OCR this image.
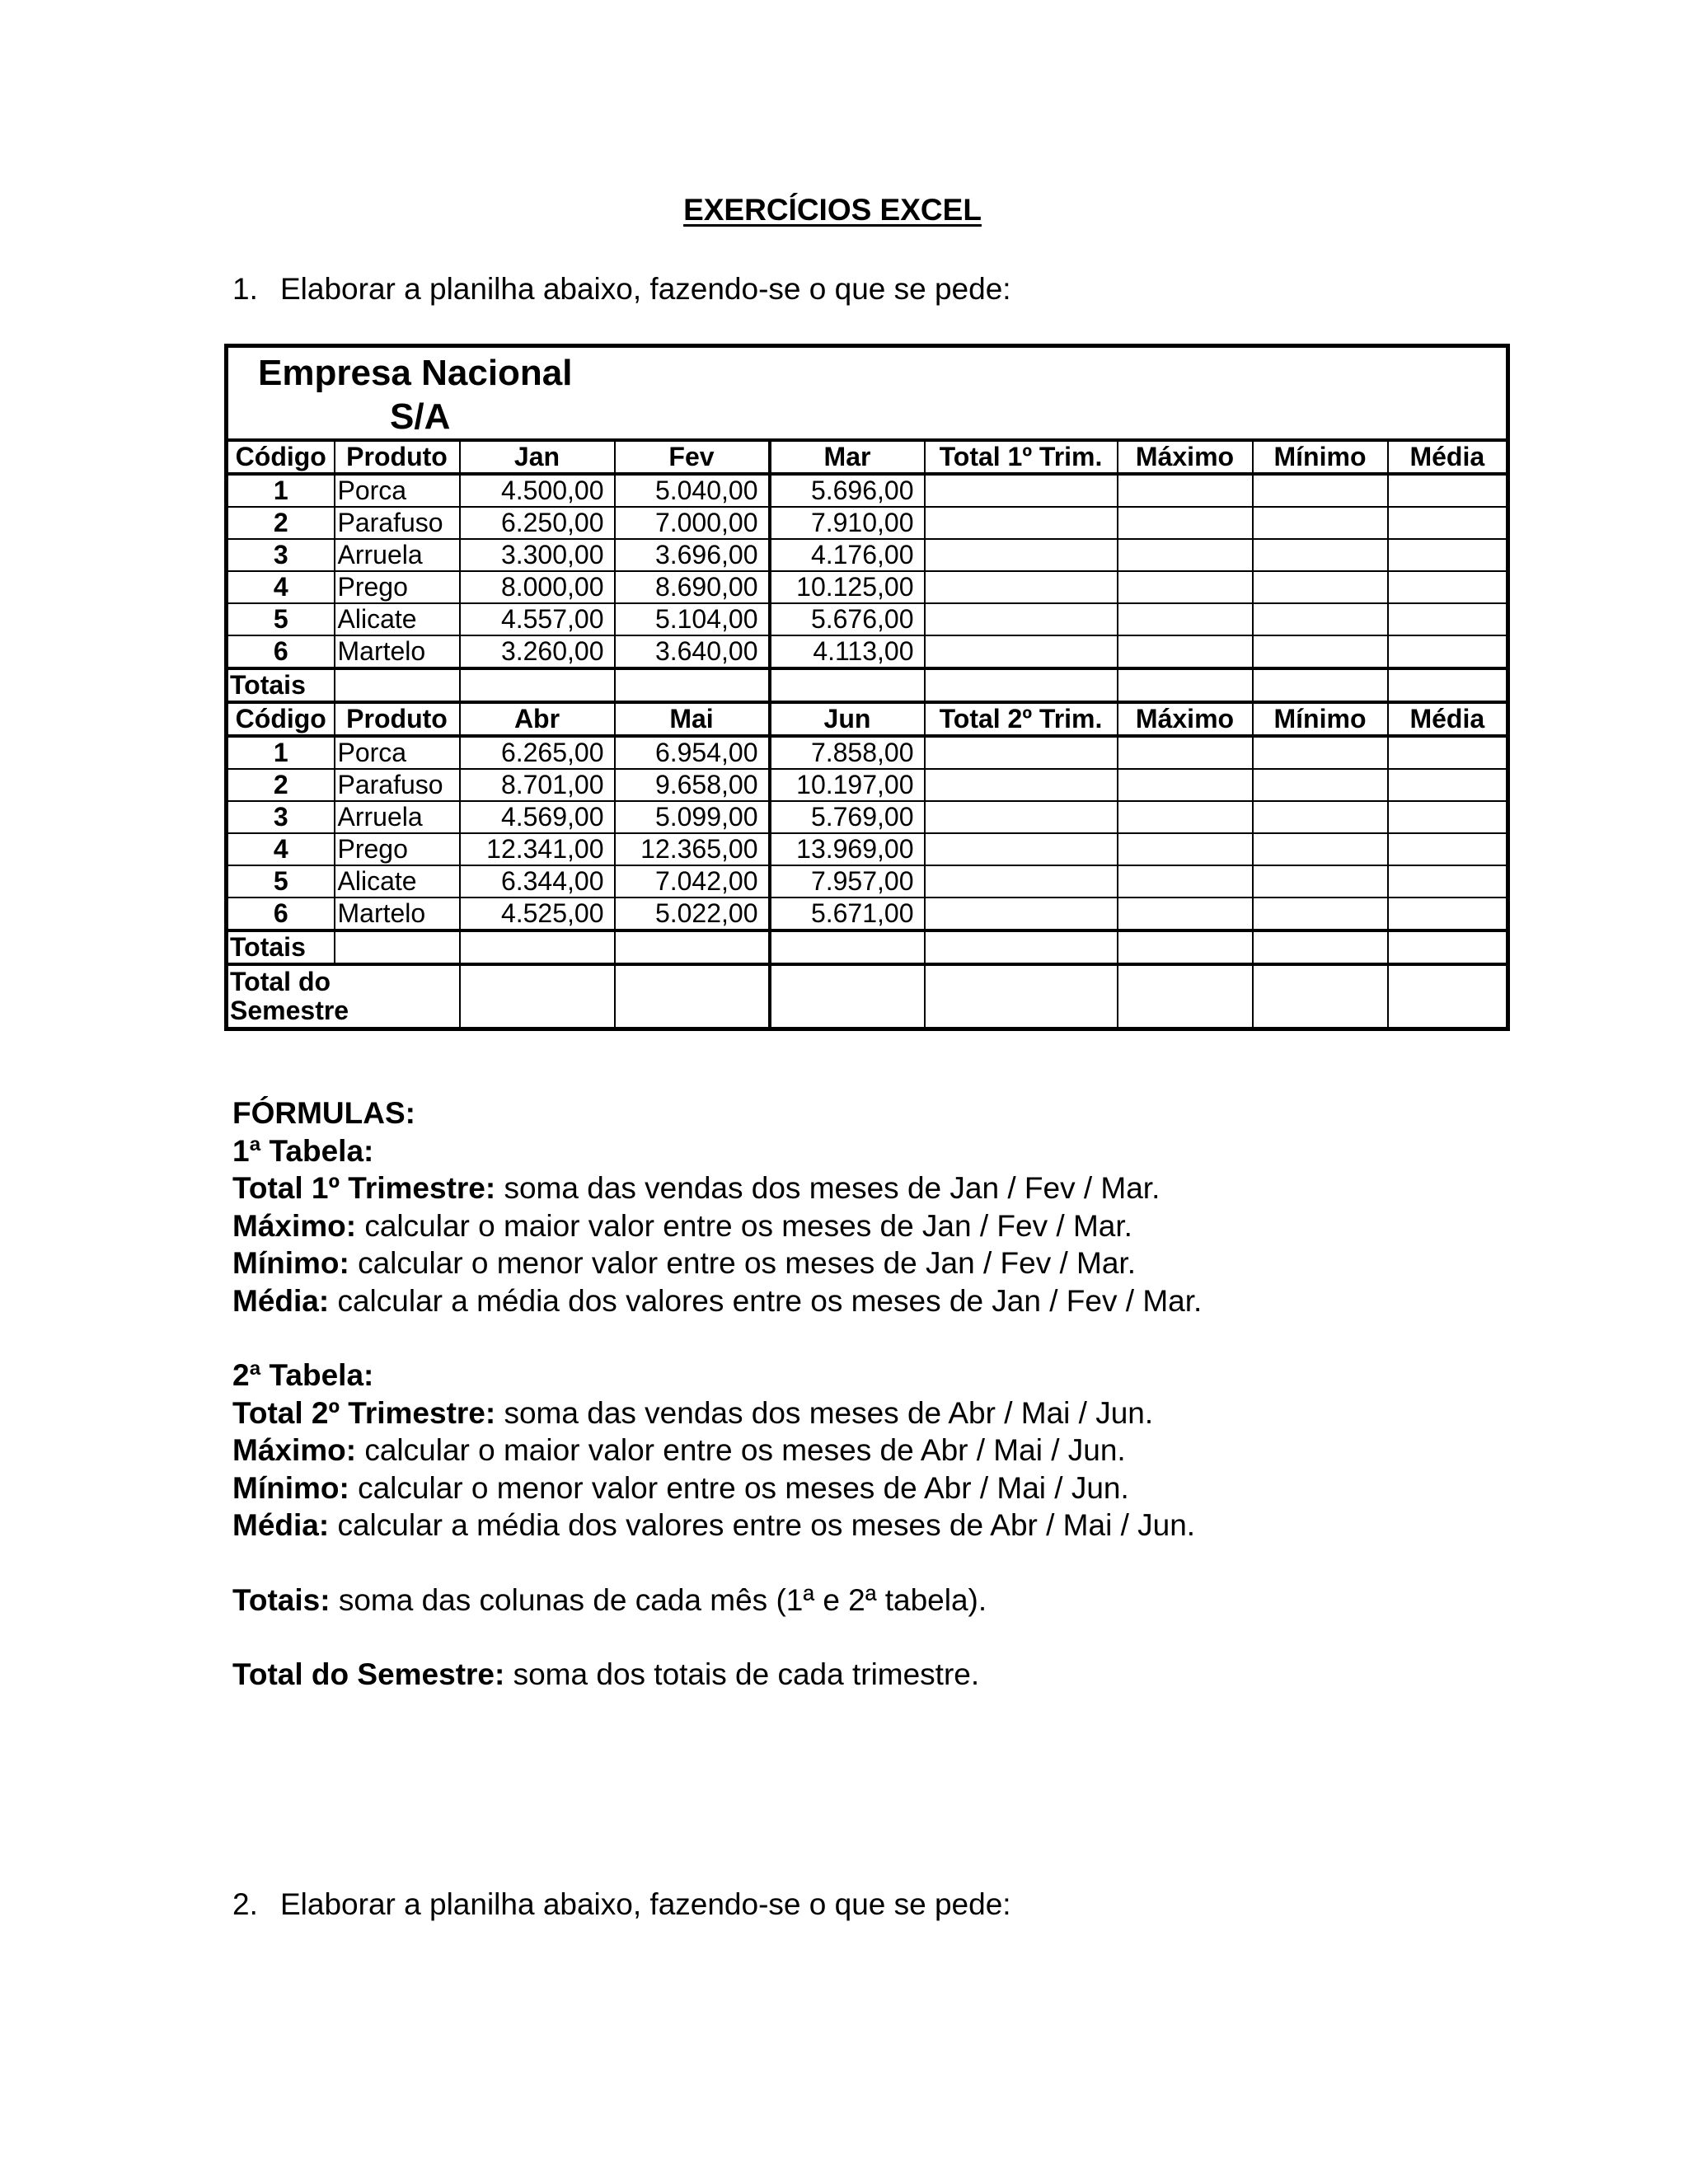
EXERCÍCIOS EXCEL
1. Elaborar a planilha abaixo, fazendo-se o que se pede:
Empresa Nacional
S/A								

Código	Produto	Jan	Fev	Mar	Total 1º Trim.	Máximo	Mínimo	Média
1	Porca	4.500,00	5.040,00	5.696,00				
2	Parafuso	6.250,00	7.000,00	7.910,00				
3	Arruela	3.300,00	3.696,00	4.176,00				
4	Prego	8.000,00	8.690,00	10.125,00				
5	Alicate	4.557,00	5.104,00	5.676,00				
6	Martelo	3.260,00	3.640,00	4.113,00				
Totais								
Código	Produto	Abr	Mai	Jun	Total 2º Trim.	Máximo	Mínimo	Média
1	Porca	6.265,00	6.954,00	7.858,00				
2	Parafuso	8.701,00	9.658,00	10.197,00				
3	Arruela	4.569,00	5.099,00	5.769,00				
4	Prego	12.341,00	12.365,00	13.969,00				
5	Alicate	6.344,00	7.042,00	7.957,00				
6	Martelo	4.525,00	5.022,00	5.671,00				
Totais								
Total do
Semestre								

FÓRMULAS:

1ª Tabela:

Total 1º Trimestre: soma das vendas dos meses de Jan / Fev / Mar.

Máximo: calcular o maior valor entre os meses de Jan / Fev / Mar.

Mínimo: calcular o menor valor entre os meses de Jan / Fev / Mar.

Média: calcular a média dos valores entre os meses de Jan / Fev / Mar.

2ª Tabela:

Total 2º Trimestre: soma das vendas dos meses de Abr / Mai / Jun.

Máximo: calcular o maior valor entre os meses de Abr / Mai / Jun.

Mínimo: calcular o menor valor entre os meses de Abr / Mai / Jun.

Média: calcular a média dos valores entre os meses de Abr / Mai / Jun.

Totais: soma das colunas de cada mês (1ª e 2ª tabela).

Total do Semestre: soma dos totais de cada trimestre.

2. Elaborar a planilha abaixo, fazendo-se o que se pede:
